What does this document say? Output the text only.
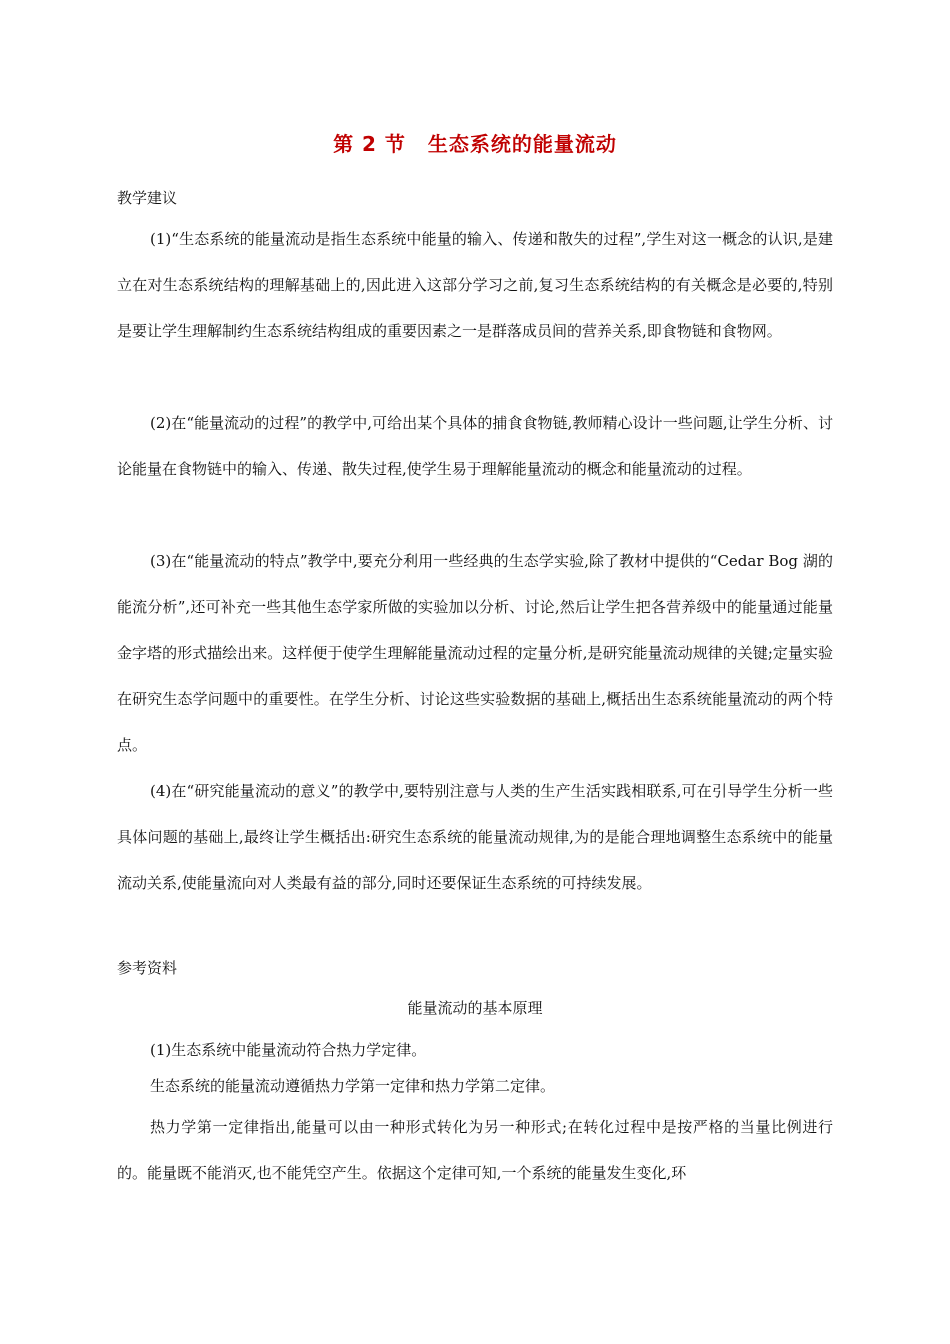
第 2 节 生态系统的能量流动
教学建议

(1)“生态系统的能量流动是指生态系统中能量的输入、传递和散失的过程”,学生对这一概念的认识,是建立在对生态系统结构的理解基础上的,因此进入这部分学习之前,复习生态系统结构的有关概念是必要的,特别是要让学生理解制约生态系统结构组成的重要因素之一是群落成员间的营养关系,即食物链和食物网。

(2)在“能量流动的过程”的教学中,可给出某个具体的捕食食物链,教师精心设计一些问题,让学生分析、讨论能量在食物链中的输入、传递、散失过程,使学生易于理解能量流动的概念和能量流动的过程。

(3)在“能量流动的特点”教学中,要充分利用一些经典的生态学实验,除了教材中提供的“Cedar Bog 湖的能流分析”,还可补充一些其他生态学家所做的实验加以分析、讨论,然后让学生把各营养级中的能量通过能量金字塔的形式描绘出来。这样便于使学生理解能量流动过程的定量分析,是研究能量流动规律的关键;定量实验在研究生态学问题中的重要性。在学生分析、讨论这些实验数据的基础上,概括出生态系统能量流动的两个特点。

(4)在“研究能量流动的意义”的教学中,要特别注意与人类的生产生活实践相联系,可在引导学生分析一些具体问题的基础上,最终让学生概括出:研究生态系统的能量流动规律,为的是能合理地调整生态系统中的能量流动关系,使能量流向对人类最有益的部分,同时还要保证生态系统的可持续发展。

参考资料
能量流动的基本原理

(1)生态系统中能量流动符合热力学定律。

生态系统的能量流动遵循热力学第一定律和热力学第二定律。

热力学第一定律指出,能量可以由一种形式转化为另一种形式;在转化过程中是按严格的当量比例进行的。能量既不能消灭,也不能凭空产生。依据这个定律可知,一个系统的能量发生变化,环
